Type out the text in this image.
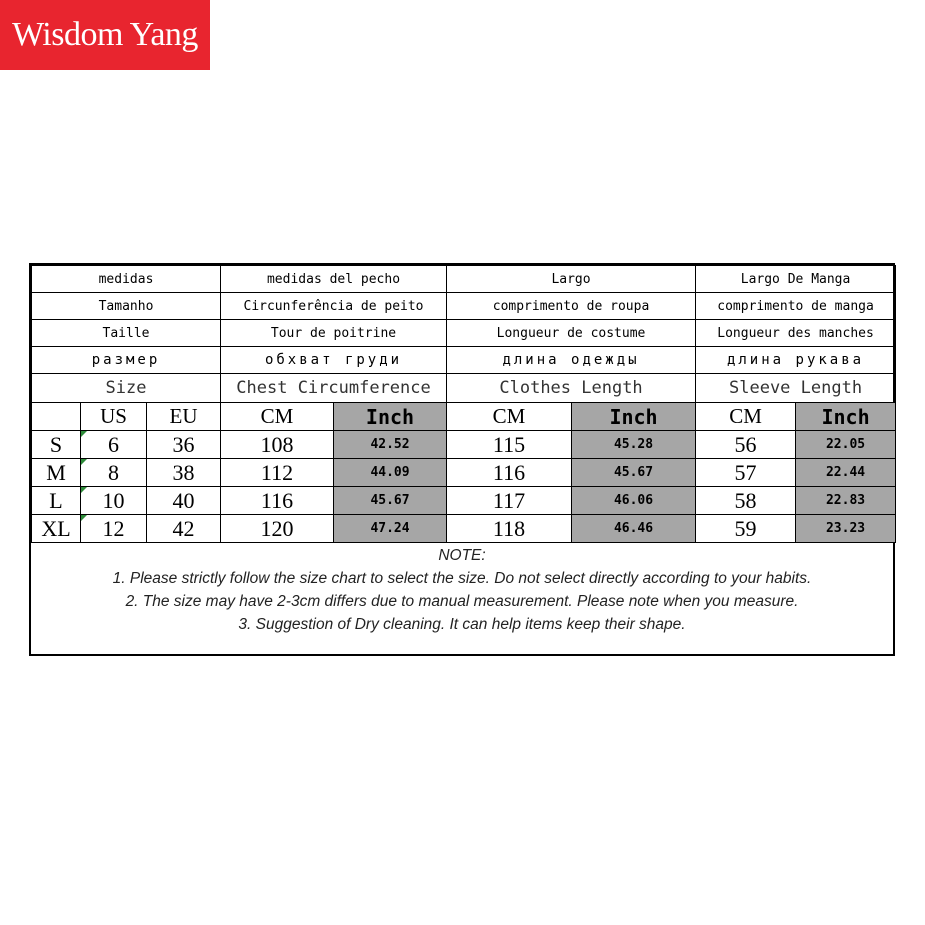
Wisdom Yang
medidas			medidas del pecho		Largo		Largo De Manga	
Tamanho			Circunferência de peito		comprimento de roupa		comprimento de manga	
Taille			Tour de poitrine		Longueur de costume		Longueur des manches	
размер			обхват груди		длина одежды		длина рукава	
Size			Chest Circumference		Clothes Length		Sleeve Length	
	US	EU	CM	Inch	CM	Inch	CM	Inch
S	6	36	108	42.52	115	45.28	56	22.05
M	8	38	112	44.09	116	45.67	57	22.44
L	10	40	116	45.67	117	46.06	58	22.83
XL	12	42	120	47.24	118	46.46	59	23.23
NOTE:
1. Please strictly follow the size chart to select the size. Do not select directly according to your habits.
2. The size may have 2-3cm differs due to manual measurement. Please note when you measure.
3. Suggestion of Dry cleaning. It can help items keep their shape.
